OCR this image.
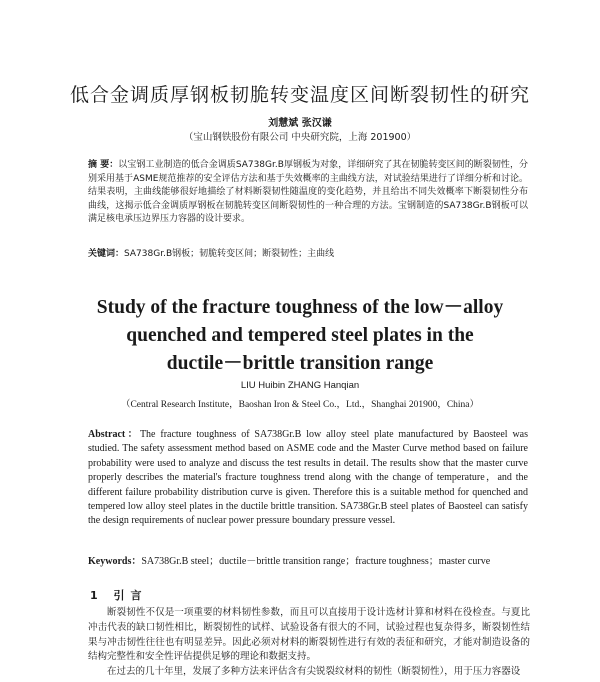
低合金调质厚钢板韧脆转变温度区间断裂韧性的研究
刘慧斌 张汉谦
（宝山钢铁股份有限公司 中央研究院，上海 201900）
摘 要：以宝钢工业制造的低合金调质SA738Gr.B厚钢板为对象，详细研究了其在韧脆转变区间的断裂韧性，分别采用基于ASME规范推荐的安全评估方法和基于失效概率的主曲线方法，对试验结果进行了详细分析和讨论。结果表明，主曲线能够很好地描绘了材料断裂韧性随温度的变化趋势，并且给出不同失效概率下断裂韧性分布曲线，这揭示低合金调质厚钢板在韧脆转变区间断裂韧性的一种合理的方法。宝钢制造的SA738Gr.B钢板可以满足核电承压边界压力容器的设计要求。
关键词：SA738Gr.B钢板；韧脆转变区间；断裂韧性；主曲线
Study of the fracture toughness of the low－alloy
quenched and tempered steel plates in the
ductile－brittle transition range
LIU Huibin ZHANG Hanqian
（Central Research Institute，Baoshan Iron & Steel Co.，Ltd.，Shanghai 201900，China）
Abstract：The fracture toughness of SA738Gr.B low alloy steel plate manufactured by Baosteel was studied. The safety assessment method based on ASME code and the Master Curve method based on failure probability were used to analyze and discuss the test results in detail. The results show that the master curve properly describes the material's fracture toughness trend along with the change of temperature，and the different failure probability distribution curve is given. Therefore this is a suitable method for quenched and tempered low alloy steel plates in the ductile brittle transition. SA738Gr.B steel plates of Baosteel can satisfy the design requirements of nuclear power pressure boundary pressure vessel.
Keywords：SA738Gr.B steel；ductile－brittle transition range；fracture toughness；master curve
1 引言

断裂韧性不仅是一项重要的材料韧性参数，而且可以直接用于设计选材计算和材料在役检查。与夏比冲击代表的缺口韧性相比，断裂韧性的试样、试验设备有很大的不同，试验过程也复杂得多，断裂韧性结果与冲击韧性往往也有明显差异。因此必须对材料的断裂韧性进行有效的表征和研究，才能对制造设备的结构完整性和安全性评估提供足够的理论和数据支持。

在过去的几十年里，发展了多种方法来评估含有尖锐裂纹材料的韧性（断裂韧性），用于压力容器设
